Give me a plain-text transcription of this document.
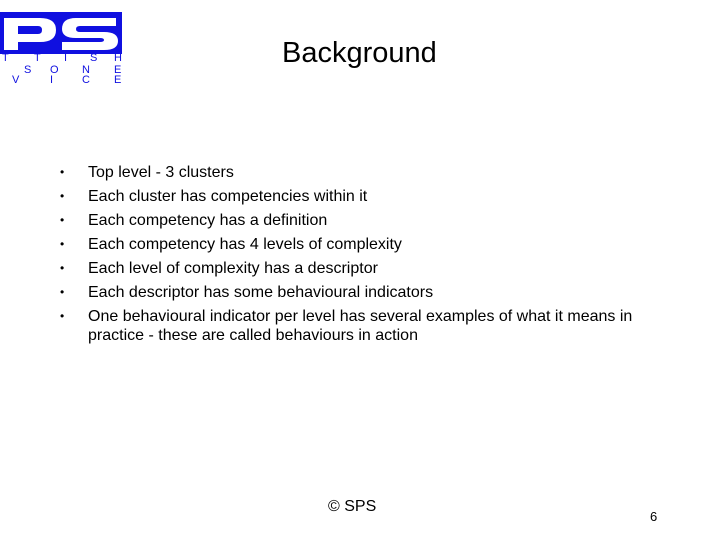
T T I S H
S O N E
V	I	C E
Background
•	Top level - 3 clusters
•	Each cluster has competencies within it
•	Each competency has a definition
•	Each competency has 4 levels of complexity
•	Each level of complexity has a descriptor
•	Each descriptor has some behavioural indicators
•	One behavioural indicator per level has several examples of what it means in practice - these are called behaviours in action
© SPS
6
